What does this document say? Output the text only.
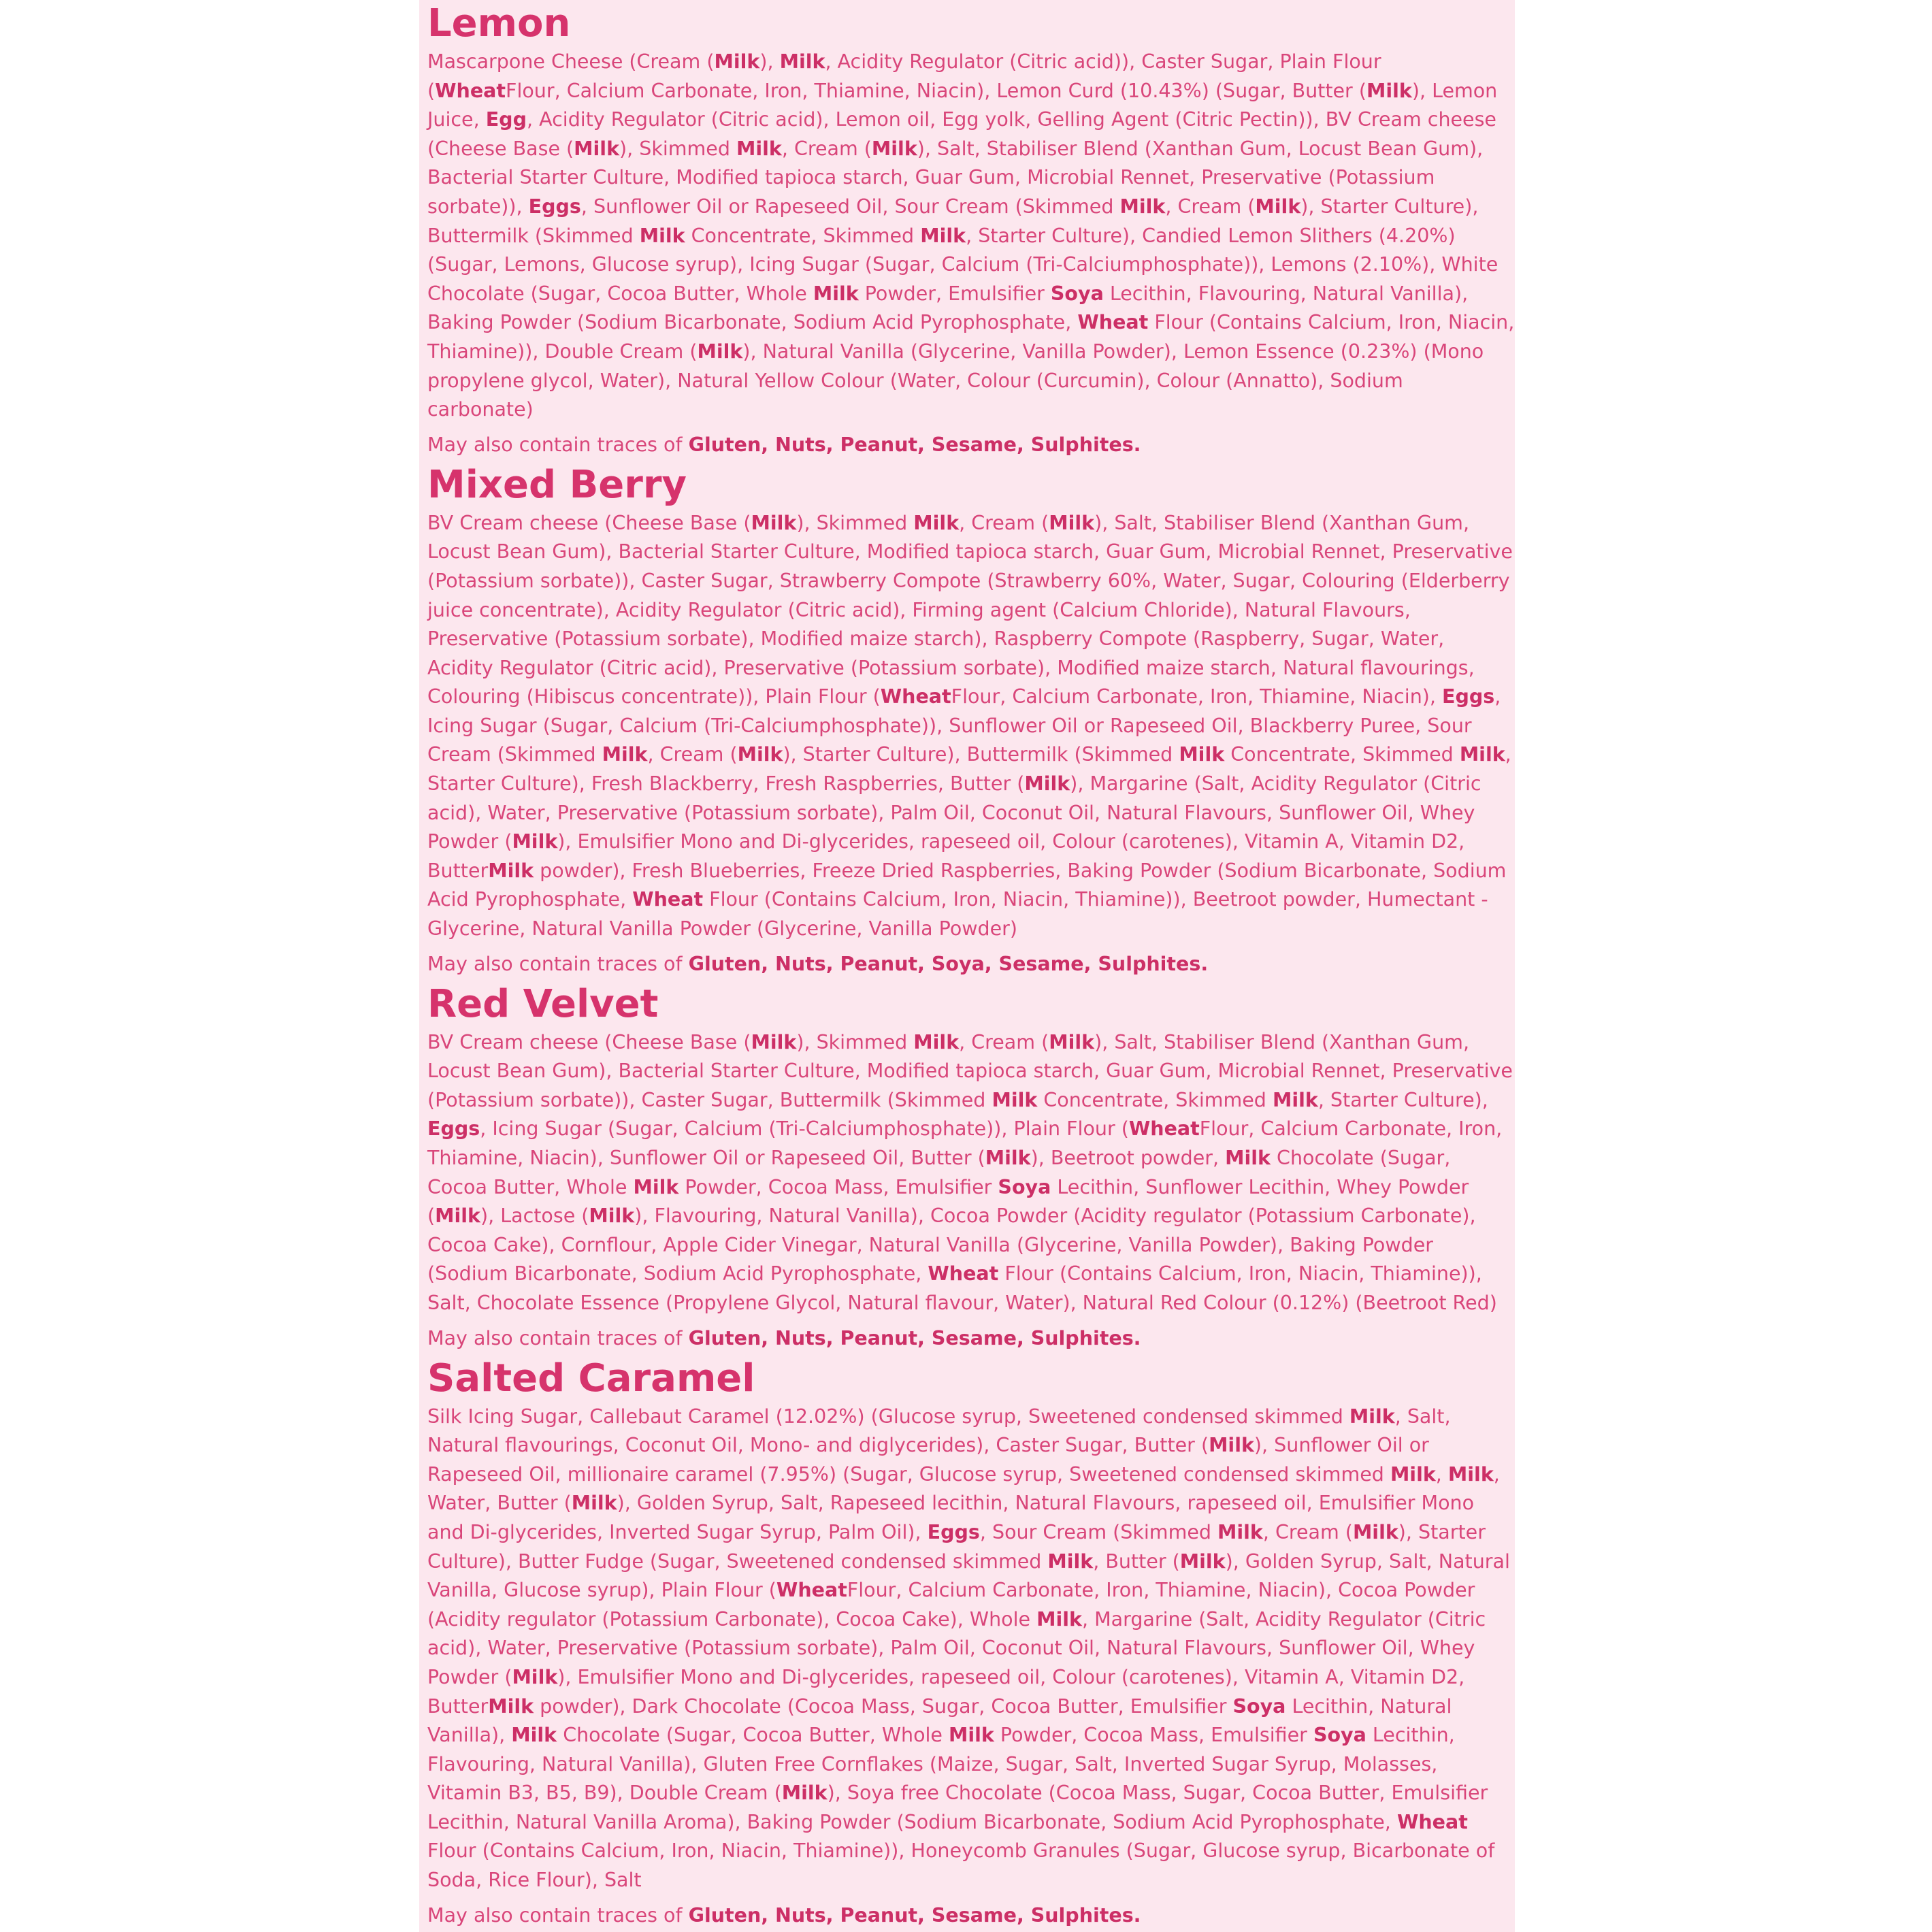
Lemon

Mascarpone Cheese (Cream (Milk), Milk, Acidity Regulator (Citric acid)), Caster Sugar, Plain Flour (WheatFlour, Calcium Carbonate, Iron, Thiamine, Niacin), Lemon Curd (10.43%) (Sugar, Butter (Milk), Lemon Juice, Egg, Acidity Regulator (Citric acid), Lemon oil, Egg yolk, Gelling Agent (Citric Pectin)), BV Cream cheese (Cheese Base (Milk), Skimmed Milk, Cream (Milk), Salt, Stabiliser Blend (Xanthan Gum, Locust Bean Gum), Bacterial Starter Culture, Modified tapioca starch, Guar Gum, Microbial Rennet, Preservative (Potassium sorbate)), Eggs, Sunflower Oil or Rapeseed Oil, Sour Cream (Skimmed Milk, Cream (Milk), Starter Culture), Buttermilk (Skimmed Milk Concentrate, Skimmed Milk, Starter Culture), Candied Lemon Slithers (4.20%) (Sugar, Lemons, Glucose syrup), Icing Sugar (Sugar, Calcium (Tri-Calciumphosphate)), Lemons (2.10%), White Chocolate (Sugar, Cocoa Butter, Whole Milk Powder, Emulsifier Soya Lecithin, Flavouring, Natural Vanilla), Baking Powder (Sodium Bicarbonate, Sodium Acid Pyrophosphate, Wheat Flour (Contains Calcium, Iron, Niacin, Thiamine)), Double Cream (Milk), Natural Vanilla (Glycerine, Vanilla Powder), Lemon Essence (0.23%) (Mono propylene glycol, Water), Natural Yellow Colour (Water, Colour (Curcumin), Colour (Annatto), Sodium carbonate)

May also contain traces of Gluten, Nuts, Peanut, Sesame, Sulphites.

Mixed Berry

BV Cream cheese (Cheese Base (Milk), Skimmed Milk, Cream (Milk), Salt, Stabiliser Blend (Xanthan Gum, Locust Bean Gum), Bacterial Starter Culture, Modified tapioca starch, Guar Gum, Microbial Rennet, Preservative (Potassium sorbate)), Caster Sugar, Strawberry Compote (Strawberry 60%, Water, Sugar, Colouring (Elderberry juice concentrate), Acidity Regulator (Citric acid), Firming agent (Calcium Chloride), Natural Flavours, Preservative (Potassium sorbate), Modified maize starch), Raspberry Compote (Raspberry, Sugar, Water, Acidity Regulator (Citric acid), Preservative (Potassium sorbate), Modified maize starch, Natural flavourings, Colouring (Hibiscus concentrate)), Plain Flour (WheatFlour, Calcium Carbonate, Iron, Thiamine, Niacin), Eggs, Icing Sugar (Sugar, Calcium (Tri-Calciumphosphate)), Sunflower Oil or Rapeseed Oil, Blackberry Puree, Sour Cream (Skimmed Milk, Cream (Milk), Starter Culture), Buttermilk (Skimmed Milk Concentrate, Skimmed Milk, Starter Culture), Fresh Blackberry, Fresh Raspberries, Butter (Milk), Margarine (Salt, Acidity Regulator (Citric acid), Water, Preservative (Potassium sorbate), Palm Oil, Coconut Oil, Natural Flavours, Sunflower Oil, Whey Powder (Milk), Emulsifier Mono and Di-glycerides, rapeseed oil, Colour (carotenes), Vitamin A, Vitamin D2, ButterMilk powder), Fresh Blueberries, Freeze Dried Raspberries, Baking Powder (Sodium Bicarbonate, Sodium Acid Pyrophosphate, Wheat Flour (Contains Calcium, Iron, Niacin, Thiamine)), Beetroot powder, Humectant - Glycerine, Natural Vanilla Powder (Glycerine, Vanilla Powder)

May also contain traces of Gluten, Nuts, Peanut, Soya, Sesame, Sulphites.

Red Velvet

BV Cream cheese (Cheese Base (Milk), Skimmed Milk, Cream (Milk), Salt, Stabiliser Blend (Xanthan Gum, Locust Bean Gum), Bacterial Starter Culture, Modified tapioca starch, Guar Gum, Microbial Rennet, Preservative (Potassium sorbate)), Caster Sugar, Buttermilk (Skimmed Milk Concentrate, Skimmed Milk, Starter Culture), Eggs, Icing Sugar (Sugar, Calcium (Tri-Calciumphosphate)), Plain Flour (WheatFlour, Calcium Carbonate, Iron, Thiamine, Niacin), Sunflower Oil or Rapeseed Oil, Butter (Milk), Beetroot powder, Milk Chocolate (Sugar, Cocoa Butter, Whole Milk Powder, Cocoa Mass, Emulsifier Soya Lecithin, Sunflower Lecithin, Whey Powder (Milk), Lactose (Milk), Flavouring, Natural Vanilla), Cocoa Powder (Acidity regulator (Potassium Carbonate), Cocoa Cake), Cornflour, Apple Cider Vinegar, Natural Vanilla (Glycerine, Vanilla Powder), Baking Powder (Sodium Bicarbonate, Sodium Acid Pyrophosphate, Wheat Flour (Contains Calcium, Iron, Niacin, Thiamine)), Salt, Chocolate Essence (Propylene Glycol, Natural flavour, Water), Natural Red Colour (0.12%) (Beetroot Red)

May also contain traces of Gluten, Nuts, Peanut, Sesame, Sulphites.

Salted Caramel

Silk Icing Sugar, Callebaut Caramel (12.02%) (Glucose syrup, Sweetened condensed skimmed Milk, Salt, Natural flavourings, Coconut Oil, Mono- and diglycerides), Caster Sugar, Butter (Milk), Sunflower Oil or Rapeseed Oil, millionaire caramel (7.95%) (Sugar, Glucose syrup, Sweetened condensed skimmed Milk, Milk, Water, Butter (Milk), Golden Syrup, Salt, Rapeseed lecithin, Natural Flavours, rapeseed oil, Emulsifier Mono and Di-glycerides, Inverted Sugar Syrup, Palm Oil), Eggs, Sour Cream (Skimmed Milk, Cream (Milk), Starter Culture), Butter Fudge (Sugar, Sweetened condensed skimmed Milk, Butter (Milk), Golden Syrup, Salt, Natural Vanilla, Glucose syrup), Plain Flour (WheatFlour, Calcium Carbonate, Iron, Thiamine, Niacin), Cocoa Powder (Acidity regulator (Potassium Carbonate), Cocoa Cake), Whole Milk, Margarine (Salt, Acidity Regulator (Citric acid), Water, Preservative (Potassium sorbate), Palm Oil, Coconut Oil, Natural Flavours, Sunflower Oil, Whey Powder (Milk), Emulsifier Mono and Di-glycerides, rapeseed oil, Colour (carotenes), Vitamin A, Vitamin D2, ButterMilk powder), Dark Chocolate (Cocoa Mass, Sugar, Cocoa Butter, Emulsifier Soya Lecithin, Natural Vanilla), Milk Chocolate (Sugar, Cocoa Butter, Whole Milk Powder, Cocoa Mass, Emulsifier Soya Lecithin, Flavouring, Natural Vanilla), Gluten Free Cornflakes (Maize, Sugar, Salt, Inverted Sugar Syrup, Molasses, Vitamin B3, B5, B9), Double Cream (Milk), Soya free Chocolate (Cocoa Mass, Sugar, Cocoa Butter, Emulsifier Lecithin, Natural Vanilla Aroma), Baking Powder (Sodium Bicarbonate, Sodium Acid Pyrophosphate, Wheat Flour (Contains Calcium, Iron, Niacin, Thiamine)), Honeycomb Granules (Sugar, Glucose syrup, Bicarbonate of Soda, Rice Flour), Salt

May also contain traces of Gluten, Nuts, Peanut, Sesame, Sulphites.
